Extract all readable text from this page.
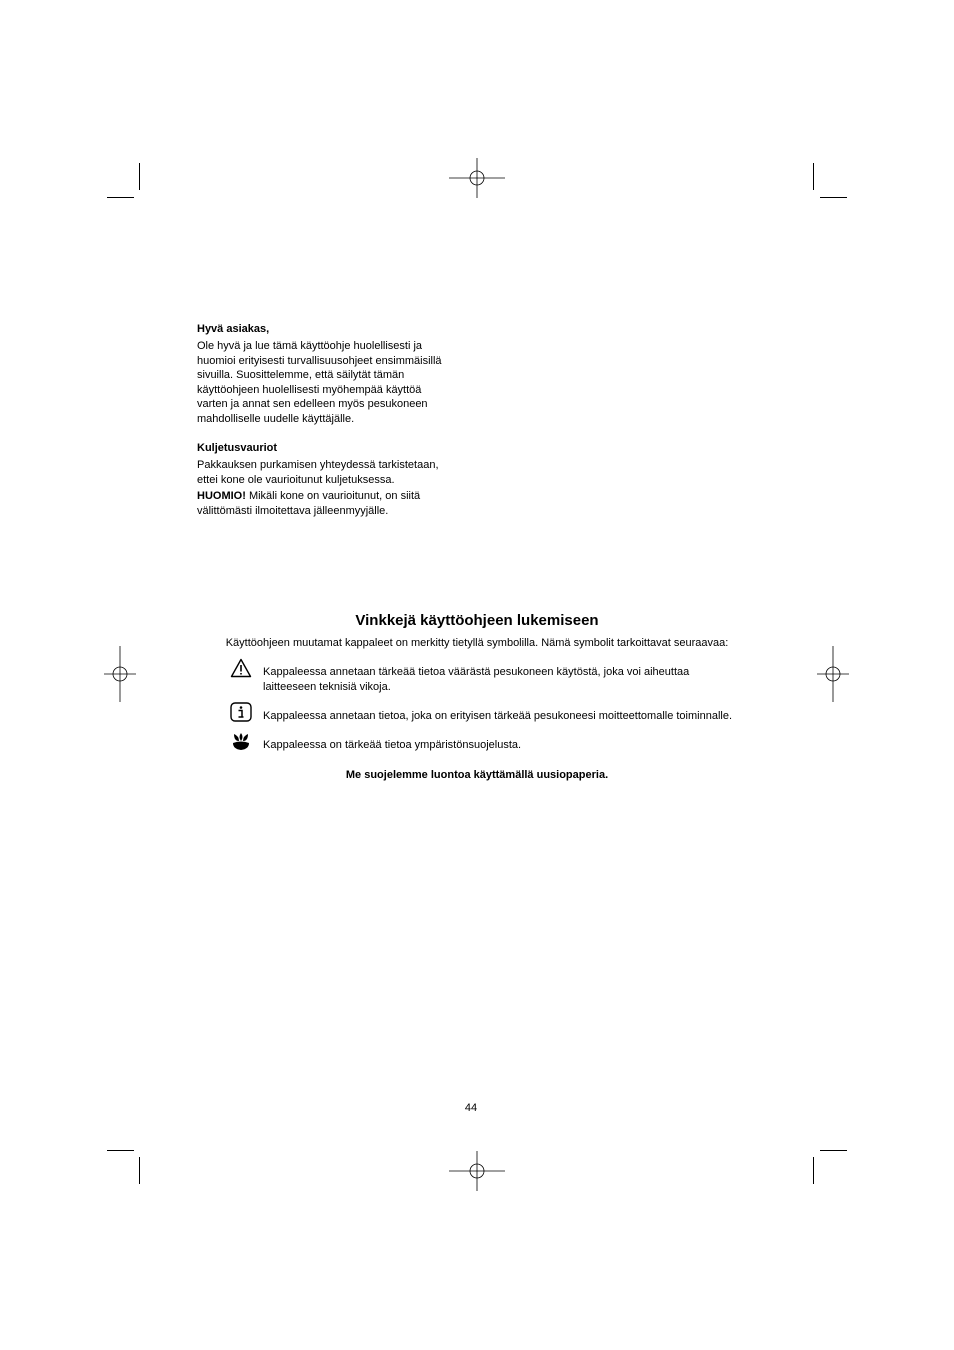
Hyvä asiakas,
Ole hyvä ja lue tämä käyttöohje huolellisesti ja
huomioi erityisesti turvallisuusohjeet ensimmäisillä
sivuilla. Suosittelemme, että säilytät tämän
käyttöohjeen huolellisesti myöhempää käyttöä
varten ja annat sen edelleen myös pesukoneen
mahdolliselle uudelle käyttäjälle.
Kuljetusvauriot
Pakkauksen purkamisen yhteydessä tarkistetaan,
ettei kone ole vaurioitunut kuljetuksessa.
HUOMIO! Mikäli kone on vaurioitunut, on siitä
välittömästi ilmoitettava jälleenmyyjälle.
Vinkkejä käyttöohjeen lukemiseen
Käyttöohjeen muutamat kappaleet on merkitty tietyllä symbolilla. Nämä symbolit tarkoittavat seuraavaa:
Kappaleessa annetaan tärkeää tietoa väärästä pesukoneen käytöstä, joka voi aiheuttaa
laitteeseen teknisiä vikoja.
Kappaleessa annetaan tietoa, joka on erityisen tärkeää pesukoneesi moitteettomalle toiminnalle.
Kappaleessa on tärkeää tietoa ympäristönsuojelusta.
Me suojelemme luontoa käyttämällä uusiopaperia.
44
